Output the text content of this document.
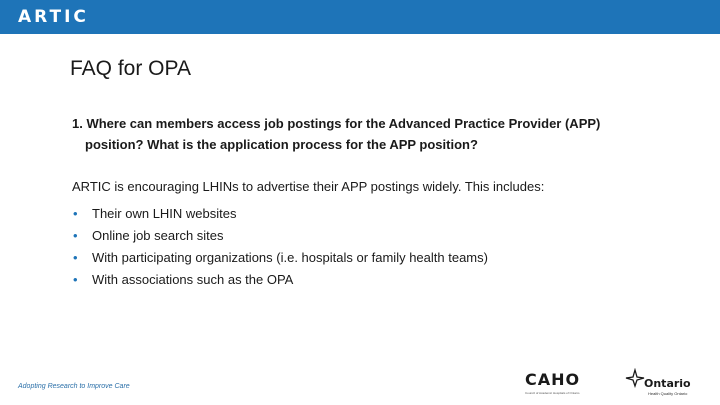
ARTIC
FAQ for OPA
1. Where can members access job postings for the Advanced Practice Provider (APP)
position? What is the application process for the APP position?
ARTIC is encouraging LHINs to advertise their APP postings widely. This includes:
• Their own LHIN websites
• Online job search sites
• With participating organizations (i.e. hospitals or family health teams)
• With associations such as the OPA
Adopting Research to Improve Care	CAHO
Council of Academic Hospitals of Ontario
Ontario
Health Quality Ontario
